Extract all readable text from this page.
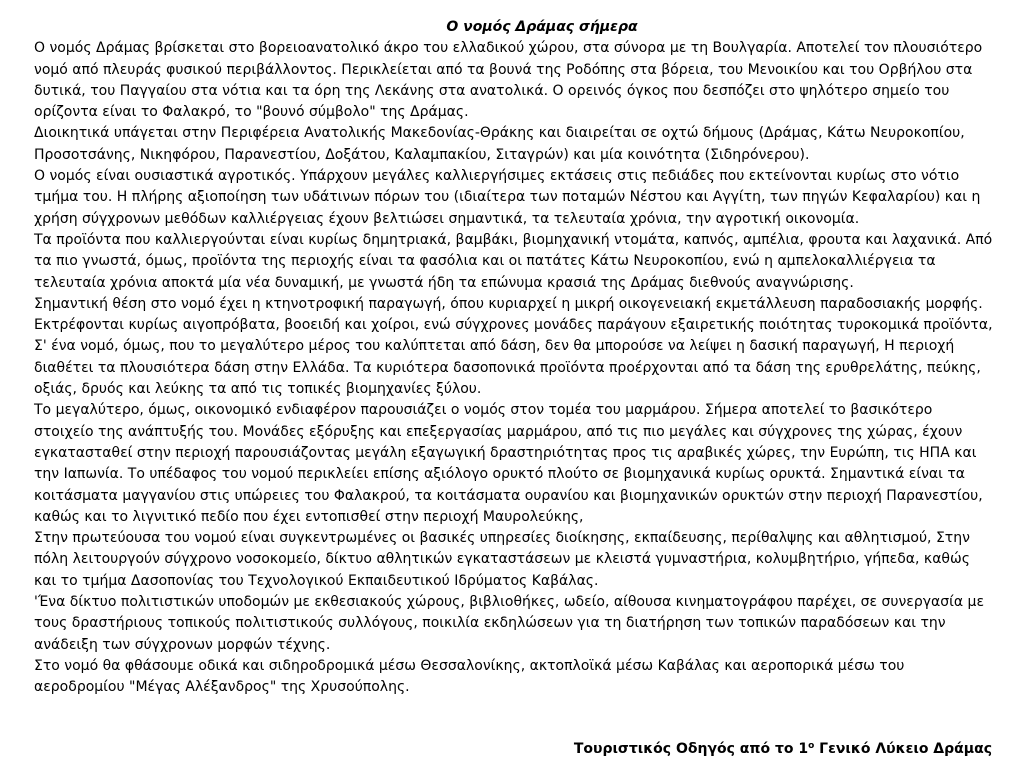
Ο νομός Δράμας σήμερα

Ο νομός Δράμας βρίσκεται στο βορειοανατολικό άκρο του ελλαδικού χώρου, στα σύνορα με τη Βουλγαρία. Αποτελεί τον πλουσιότερο νομό από πλευράς φυσικού περιβάλλοντος. Περικλείεται από τα βουνά της Ροδόπης στα βόρεια, του Μενοικίου και του Ορβήλου στα δυτικά, του Παγγαίου στα νότια και τα όρη της Λεκάνης στα ανατολικά. Ο ορεινός όγκος που δεσπόζει στο ψηλότερο σημείο του ορίζοντα είναι το Φαλακρό, το "βουνό σύμβολο" της Δράμας.

Διοικητικά υπάγεται στην Περιφέρεια Ανατολικής Μακεδονίας-Θράκης και διαιρείται σε οχτώ δήμους (Δράμας, Κάτω Νευροκοπίου, Προσοτσάνης, Νικηφόρου, Παρανεστίου, Δοξάτου, Καλαμπακίου, Σιταγρών) και μία κοινότητα (Σιδηρόνερου).

Ο νομός είναι ουσιαστικά αγροτικός. Υπάρχουν μεγάλες καλλιεργήσιμες εκτάσεις στις πεδιάδες που εκτείνονται κυρίως στο νότιο τμήμα του. Η πλήρης αξιοποίηση των υδάτινων πόρων του (ιδιαίτερα των ποταμών Νέστου και Αγγίτη, των πηγών Κεφαλαρίου) και η χρήση σύγχρονων μεθόδων καλλιέργειας έχουν βελτιώσει σημαντικά, τα τελευταία χρόνια, την αγροτική οικονομία.

Τα προϊόντα που καλλιεργούνται είναι κυρίως δημητριακά, βαμβάκι, βιομηχανική ντομάτα, καπνός, αμπέλια, φρουτα και λαχανικά. Από τα πιο γνωστά, όμως, προϊόντα της περιοχής είναι τα φασόλια και οι πατάτες Κάτω Νευροκοπίου, ενώ η αμπελοκαλλιέργεια τα τελευταία χρόνια αποκτά μία νέα δυναμική, με γνωστά ήδη τα επώνυμα κρασιά της Δράμας διεθνούς αναγνώρισης.

Σημαντική θέση στο νομό έχει η κτηνοτροφική παραγωγή, όπου κυριαρχεί η μικρή οικογενειακή εκμετάλλευση παραδοσιακής μορφής. Εκτρέφονται κυρίως αιγοπρόβατα, βοοειδή και χοίροι, ενώ σύγχρονες μονάδες παράγουν εξαιρετικής ποιότητας τυροκομικά προϊόντα,

Σ' ένα νομό, όμως, που το μεγαλύτερο μέρος του καλύπτεται από δάση, δεν θα μπορούσε να λείψει η δασική παραγωγή, Η περιοχή διαθέτει τα πλουσιότερα δάση στην Ελλάδα. Τα κυριότερα δασοπονικά προϊόντα προέρχονται από τα δάση της ερυθρελάτης, πεύκης, οξιάς, δρυός και λεύκης τα από τις τοπικές βιομηχανίες ξύλου.

Το μεγαλύτερο, όμως, οικονομικό ενδιαφέρον παρουσιάζει ο νομός στον τομέα του μαρμάρου. Σήμερα αποτελεί το βασικότερο στοιχείο της ανάπτυξής του. Μονάδες εξόρυξης και επεξεργασίας μαρμάρου, από τις πιο μεγάλες και σύγχρονες της χώρας, έχουν εγκατασταθεί στην περιοχή παρουσιάζοντας μεγάλη εξαγωγική δραστηριότητας προς τις αραβικές χώρες, την Ευρώπη, τις ΗΠΑ και την Ιαπωνία. Το υπέδαφος του νομού περικλείει επίσης αξιόλογο ορυκτό πλούτο σε βιομηχανικά κυρίως ορυκτά. Σημαντικά είναι τα κοιτάσματα μαγγανίου στις υπώρειες του Φαλακρού, τα κοιτάσματα ουρανίου και βιομηχανικών ορυκτών στην περιοχή Παρανεστίου, καθώς και το λιγνιτικό πεδίο που έχει εντοπισθεί στην περιοχή Μαυρολεύκης,

Στην πρωτεύουσα του νομού είναι συγκεντρωμένες οι βασικές υπηρεσίες διοίκησης, εκπαίδευσης, περίθαλψης και αθλητισμού, Στην πόλη λειτουργούν σύγχρονο νοσοκομείο, δίκτυο αθλητικών εγκαταστάσεων με κλειστά γυμναστήρια, κολυμβητήριο, γήπεδα, καθώς και το τμήμα Δασοπονίας του Τεχνολογικού Εκπαιδευτικού Ιδρύματος Καβάλας.

'Ένα δίκτυο πολιτιστικών υποδομών με εκθεσιακούς χώρους, βιβλιοθήκες, ωδείο, αίθουσα κινηματογράφου παρέχει, σε συνεργασία με τους δραστήριους τοπικούς πολιτιστικούς συλλόγους, ποικιλία εκδηλώσεων για τη διατήρηση των τοπικών παραδόσεων και την ανάδειξη των σύγχρονων μορφών τέχνης.

Στο νομό θα φθάσουμε οδικά και σιδηροδρομικά μέσω Θεσσαλονίκης, ακτοπλοϊκά μέσω Καβάλας και αεροπορικά μέσω του αεροδρομίου "Μέγας Αλέξανδρος" της Χρυσούπολης.

Τουριστικός Οδηγός από το $1^o$ Γενικό Λύκειο Δράμας
